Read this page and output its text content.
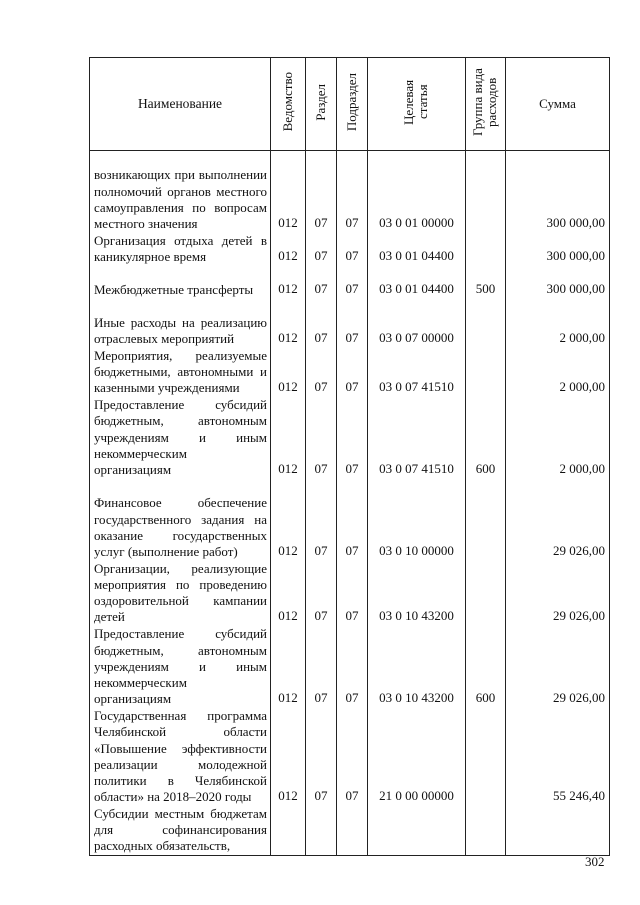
Наименование	Ведомство	Раздел	Подраздел	Целевая статья	Группа вида расходов	Сумма
возникающих при выполнении полномочий органов местного самоуправления по вопросам местного значения	012	07	07	03 0 01 00000		300 000,00
Организация отдыха детей в каникулярное время	012	07	07	03 0 01 04400		300 000,00
Межбюджетные трансферты	012	07	07	03 0 01 04400	500	300 000,00
Иные расходы на реализацию отраслевых мероприятий	012	07	07	03 0 07 00000		2 000,00
Мероприятия, реализуемые бюджетными, автономными и казенными учреждениями	012	07	07	03 0 07 41510		2 000,00
Предоставление субсидий бюджетным, автономным учреждениям и иным некоммерческим организациям	012	07	07	03 0 07 41510	600	2 000,00
Финансовое обеспечение государственного задания на оказание государственных услуг (выполнение работ)	012	07	07	03 0 10 00000		29 026,00
Организации, реализующие мероприятия по проведению оздоровительной кампании детей	012	07	07	03 0 10 43200		29 026,00
Предоставление субсидий бюджетным, автономным учреждениям и иным некоммерческим организациям	012	07	07	03 0 10 43200	600	29 026,00
Государственная программа Челябинской области «Повышение эффективности реализации молодежной политики в Челябинской области» на 2018–2020 годы	012	07	07	21 0 00 00000		55 246,40
Субсидии местным бюджетам для софинансирования расходных обязательств,						
302
